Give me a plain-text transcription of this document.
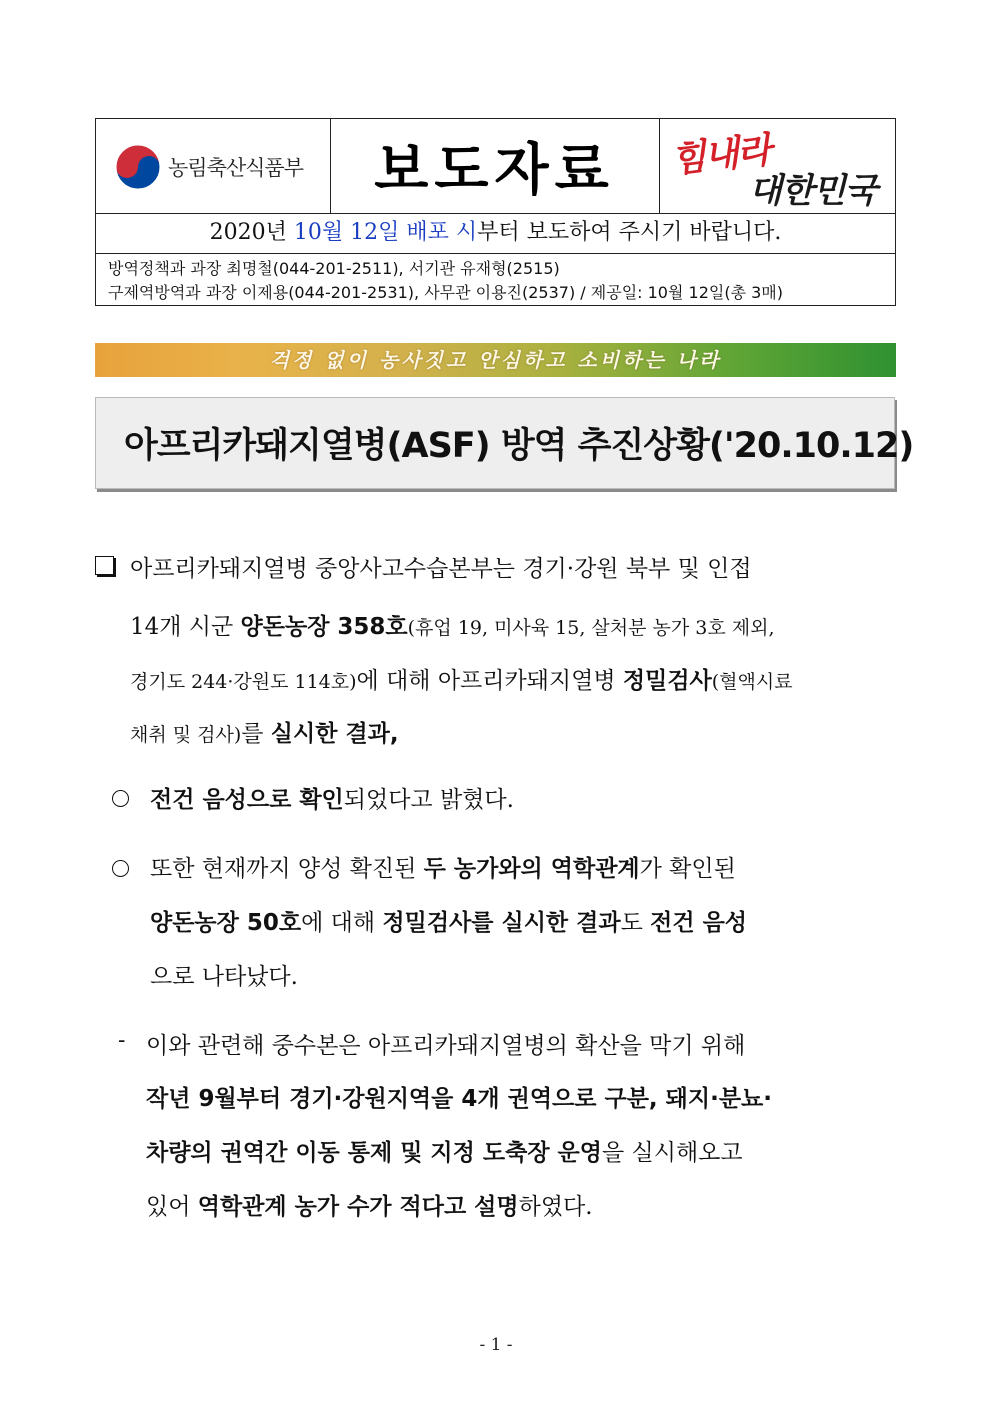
농림축산식품부 보도자료 힘내라
대한민국
2020년 10월 12일 배포 시부터 보도하여 주시기 바랍니다.
방역정책과 과장 최명철(044-201-2511), 서기관 유재형(2515)
구제역방역과 과장 이제용(044-201-2531), 사무관 이용진(2537) / 제공일: 10월 12일(총 3매)
걱정 없이 농사짓고 안심하고 소비하는 나라
아프리카돼지열병(ASF) 방역 추진상황('20.10.12)
아프리카돼지열병 중앙사고수습본부는 경기·강원 북부 및 인접
14개 시군 양돈농장 358호(휴업 19, 미사육 15, 살처분 농가 3호 제외,
경기도 244·강원도 114호)에 대해 아프리카돼지열병 정밀검사(혈액시료
채취 및 검사)를 실시한 결과,
전건 음성으로 확인되었다고 밝혔다.
또한 현재까지 양성 확진된 두 농가와의 역학관계가 확인된
양돈농장 50호에 대해 정밀검사를 실시한 결과도 전건 음성
으로 나타났다.
- 이와 관련해 중수본은 아프리카돼지열병의 확산을 막기 위해
작년 9월부터 경기·강원지역을 4개 권역으로 구분, 돼지·분뇨·
차량의 권역간 이동 통제 및 지정 도축장 운영을 실시해오고
있어 역학관계 농가 수가 적다고 설명하였다.
- 1 -
